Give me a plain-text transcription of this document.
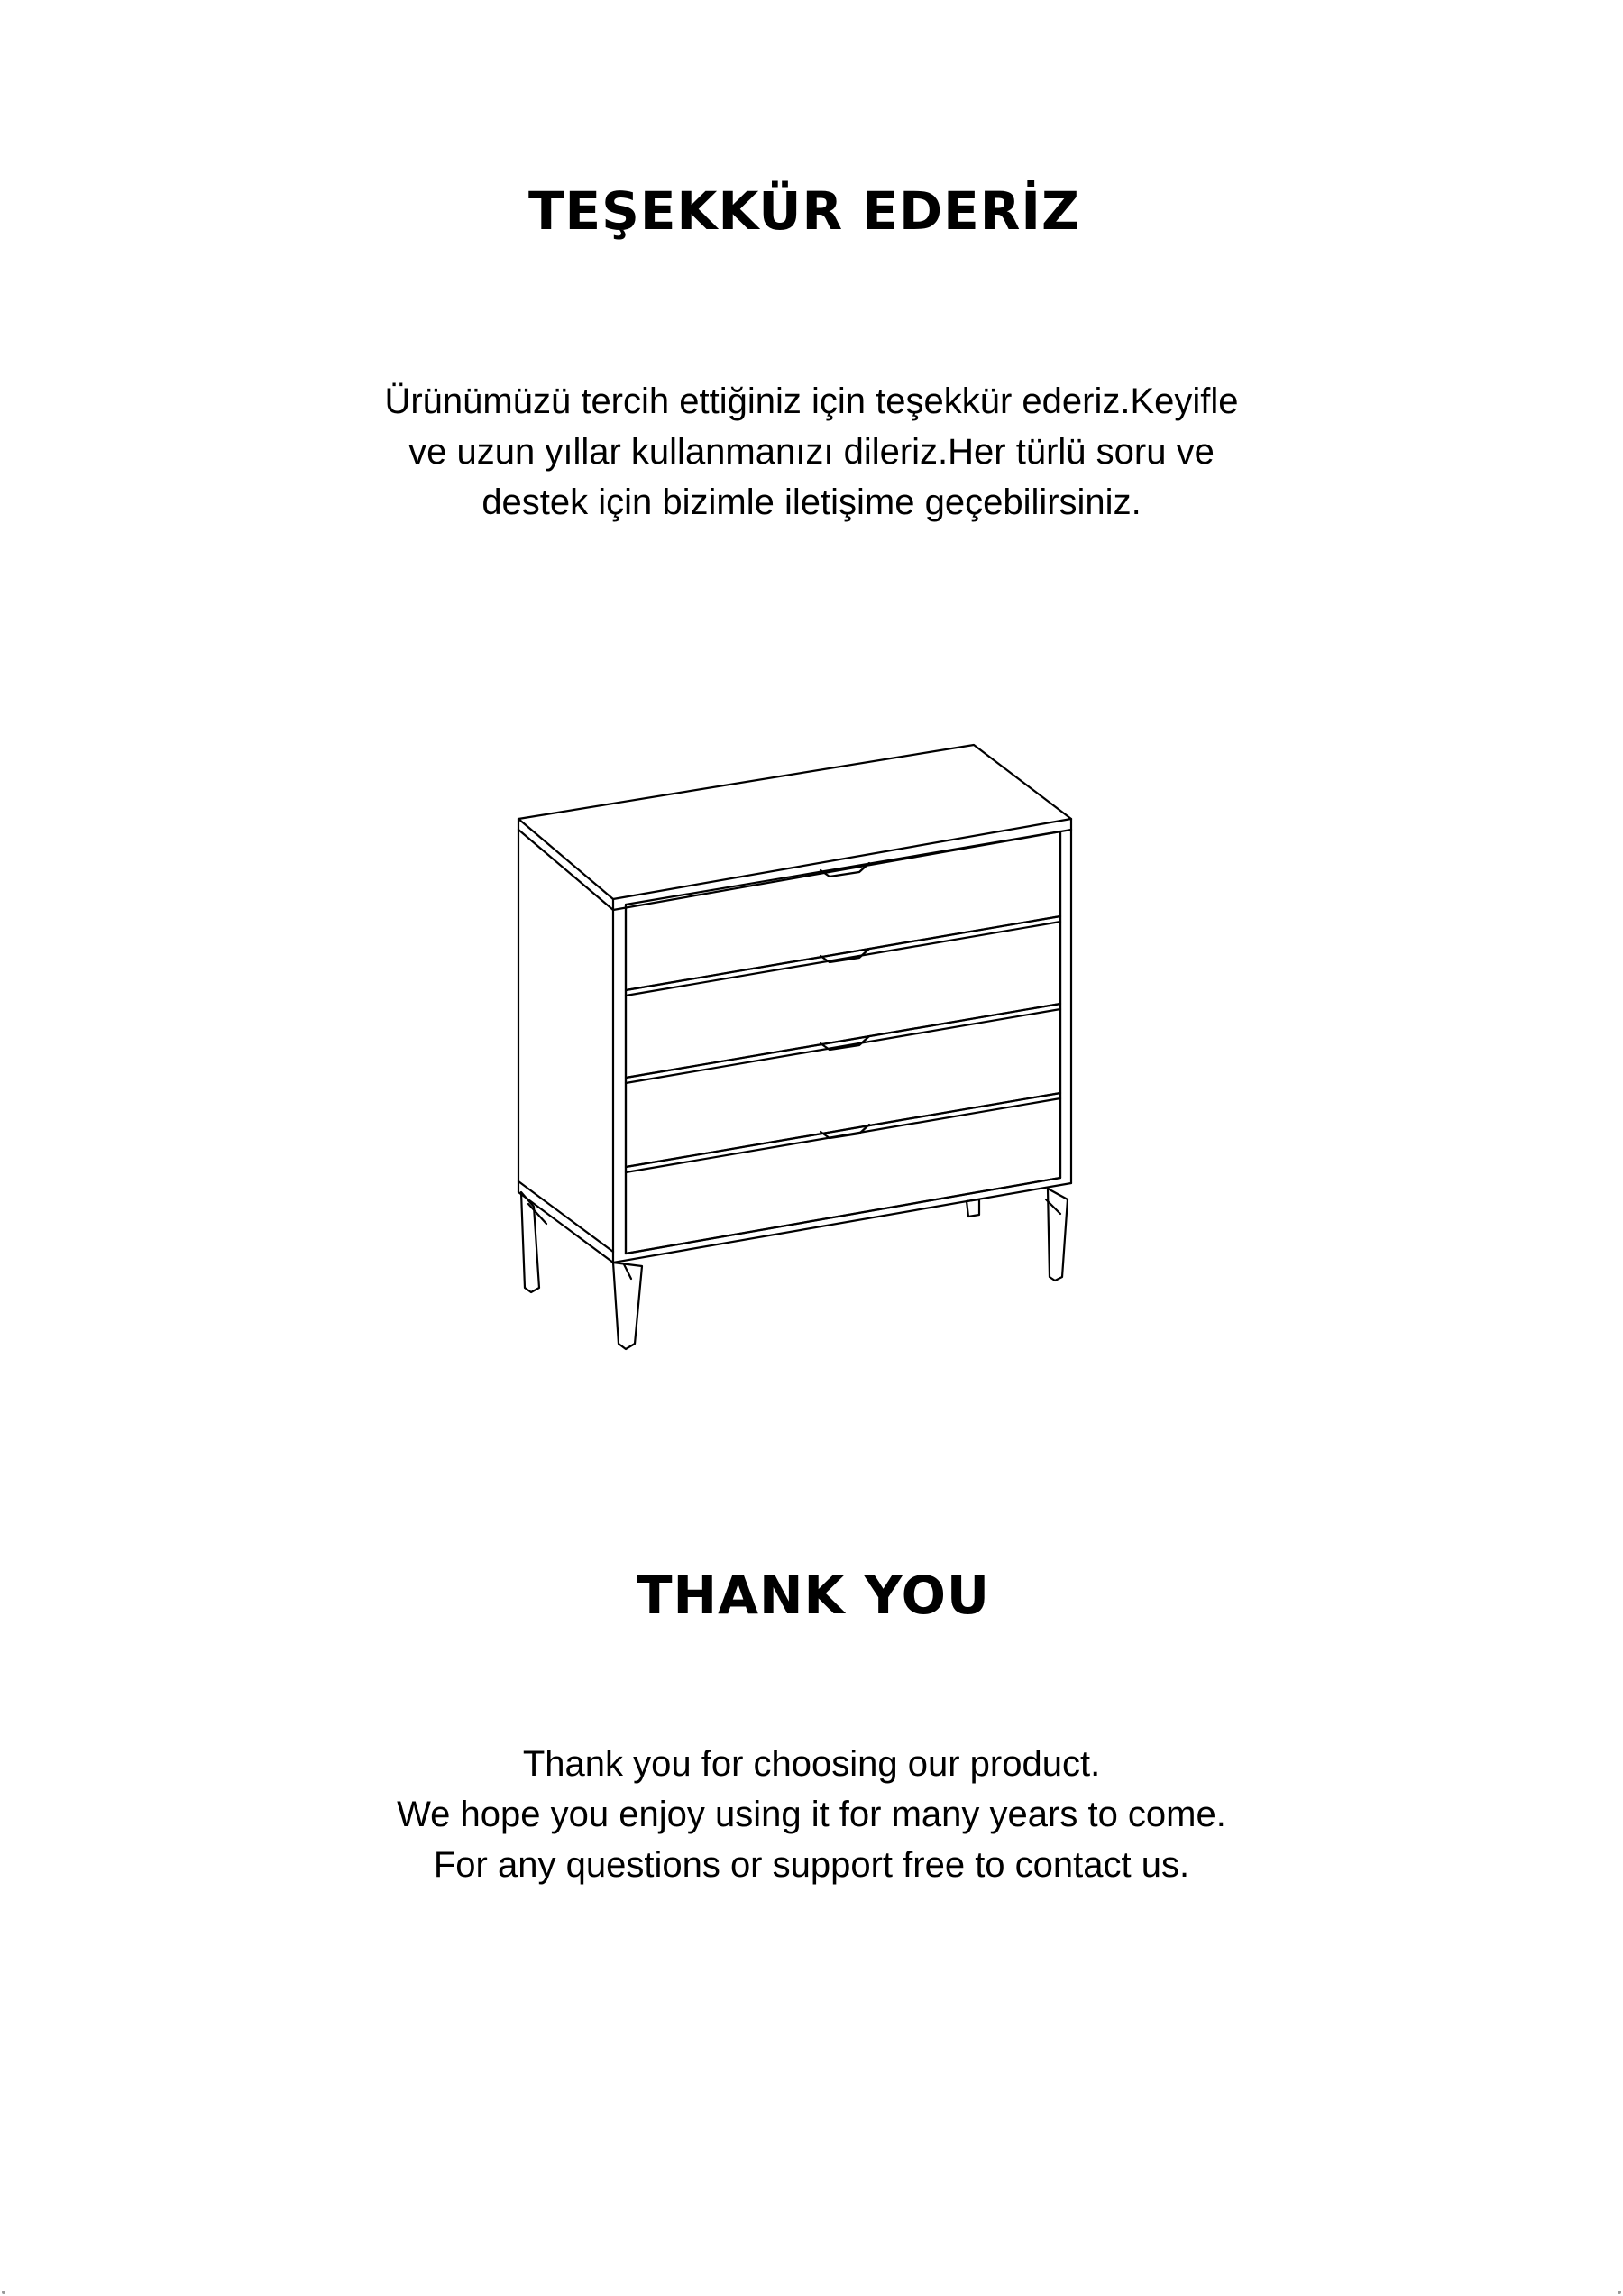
TEŞEKKÜR EDERİZ

Ürünümüzü tercih ettiğiniz için teşekkür ederiz.Keyifle
ve uzun yıllar kullanmanızı dileriz.Her türlü soru ve
destek için bizimle iletişime geçebilirsiniz.

THANK YOU

Thank you for choosing our product.
We hope you enjoy using it for many years to come.
For any questions or support free to contact us.
